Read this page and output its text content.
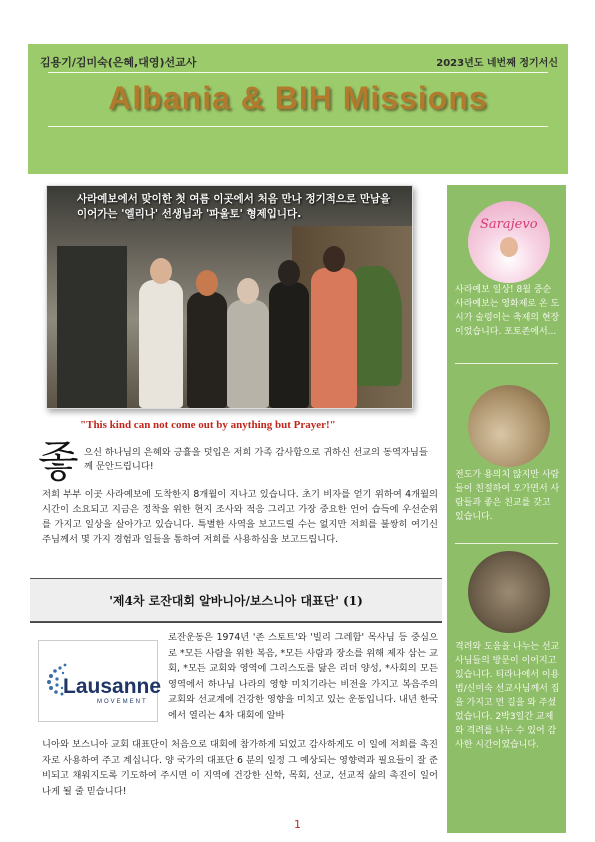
김용기/김미숙(은혜,대영)선교사	2023년도 네번째 정기서신
Albania & BIH Missions
사라예보에서 맞이한 첫 여름 이곳에서 처음 만나 정기적으로 만남을 이어가는 '엘리나' 선생님과 '파울토' 형제입니다.
"This kind can not come out by anything but Prayer!"
좋 으신 하나님의 은혜와 긍휼을 덧입은 저희 가족 감사함으로 귀하신 선교의 동역자님들께 문안드립니다!
저희 부부 이곳 사라예보에 도착한지 8개월이 지나고 있습니다. 초기 비자를 얻기 위하여 4개월의 시간이 소요되고 지금은 정착을 위한 현지 조사와 적응 그리고 가장 중요한 언어 습득에 우선순위를 가지고 일상을 살아가고 있습니다. 특별한 사역을 보고드릴 수는 없지만 저희를 불쌍히 여기신 주님께서 몇 가지 경험과 일들을 통하여 저희를 사용하심을 보고드립니다.
'제4차 로잔대회 알바니아/보스니아 대표단' (1)
Lausanne
MOVEMENT
로잔운동은 1974년 '존 스토트'와 '빌리 그레함' 목사님 등 중심으로 *모든 사람을 위한 복음, *모든 사람과 장소를 위해 제자 삼는 교회, *모든 교회와 영역에 그리스도를 닮은 리더 양성, *사회의 모든 영역에서 하나님 나라의 영향 미치기라는 비전을 가지고 복음주의 교회와 선교계에 건강한 영향을 미치고 있는 운동입니다. 내년 한국에서 열리는 4차 대회에 알바
니아와 보스니아 교회 대표단이 처음으로 대회에 참가하게 되었고 감사하게도 이 일에 저희를 촉진자로 사용하여 주고 계십니다. 양 국가의 대표단 6 분의 일정 그 예상되는 영향력과 필요들이 잘 준비되고 채워지도록 기도하여 주시면 이 지역에 건강한 신학, 목회, 선교, 선교적 삶의 촉진이 일어나게 될 줄 믿습니다!
1
Sarajevo
사라예보 일상! 8월 중순 사라예보는 영화제로 온 도시가 술렁이는 축제의 현장이었습니다. 포토존에서...
전도가 용의치 않지만 사람들이 친절하여 오가면서 사람들과 좋은 친교를 갖고 있습니다.
격려와 도움을 나누는 선교사님들의 방문이 이어지고 있습니다. 티라나에서 이용범/신미숙 선교사님께서 집을 가지고 먼 길을 와 주셨었습니다. 2박3일간 교제와 격려를 나누 수 있어 감사한 시간이였습니다.
